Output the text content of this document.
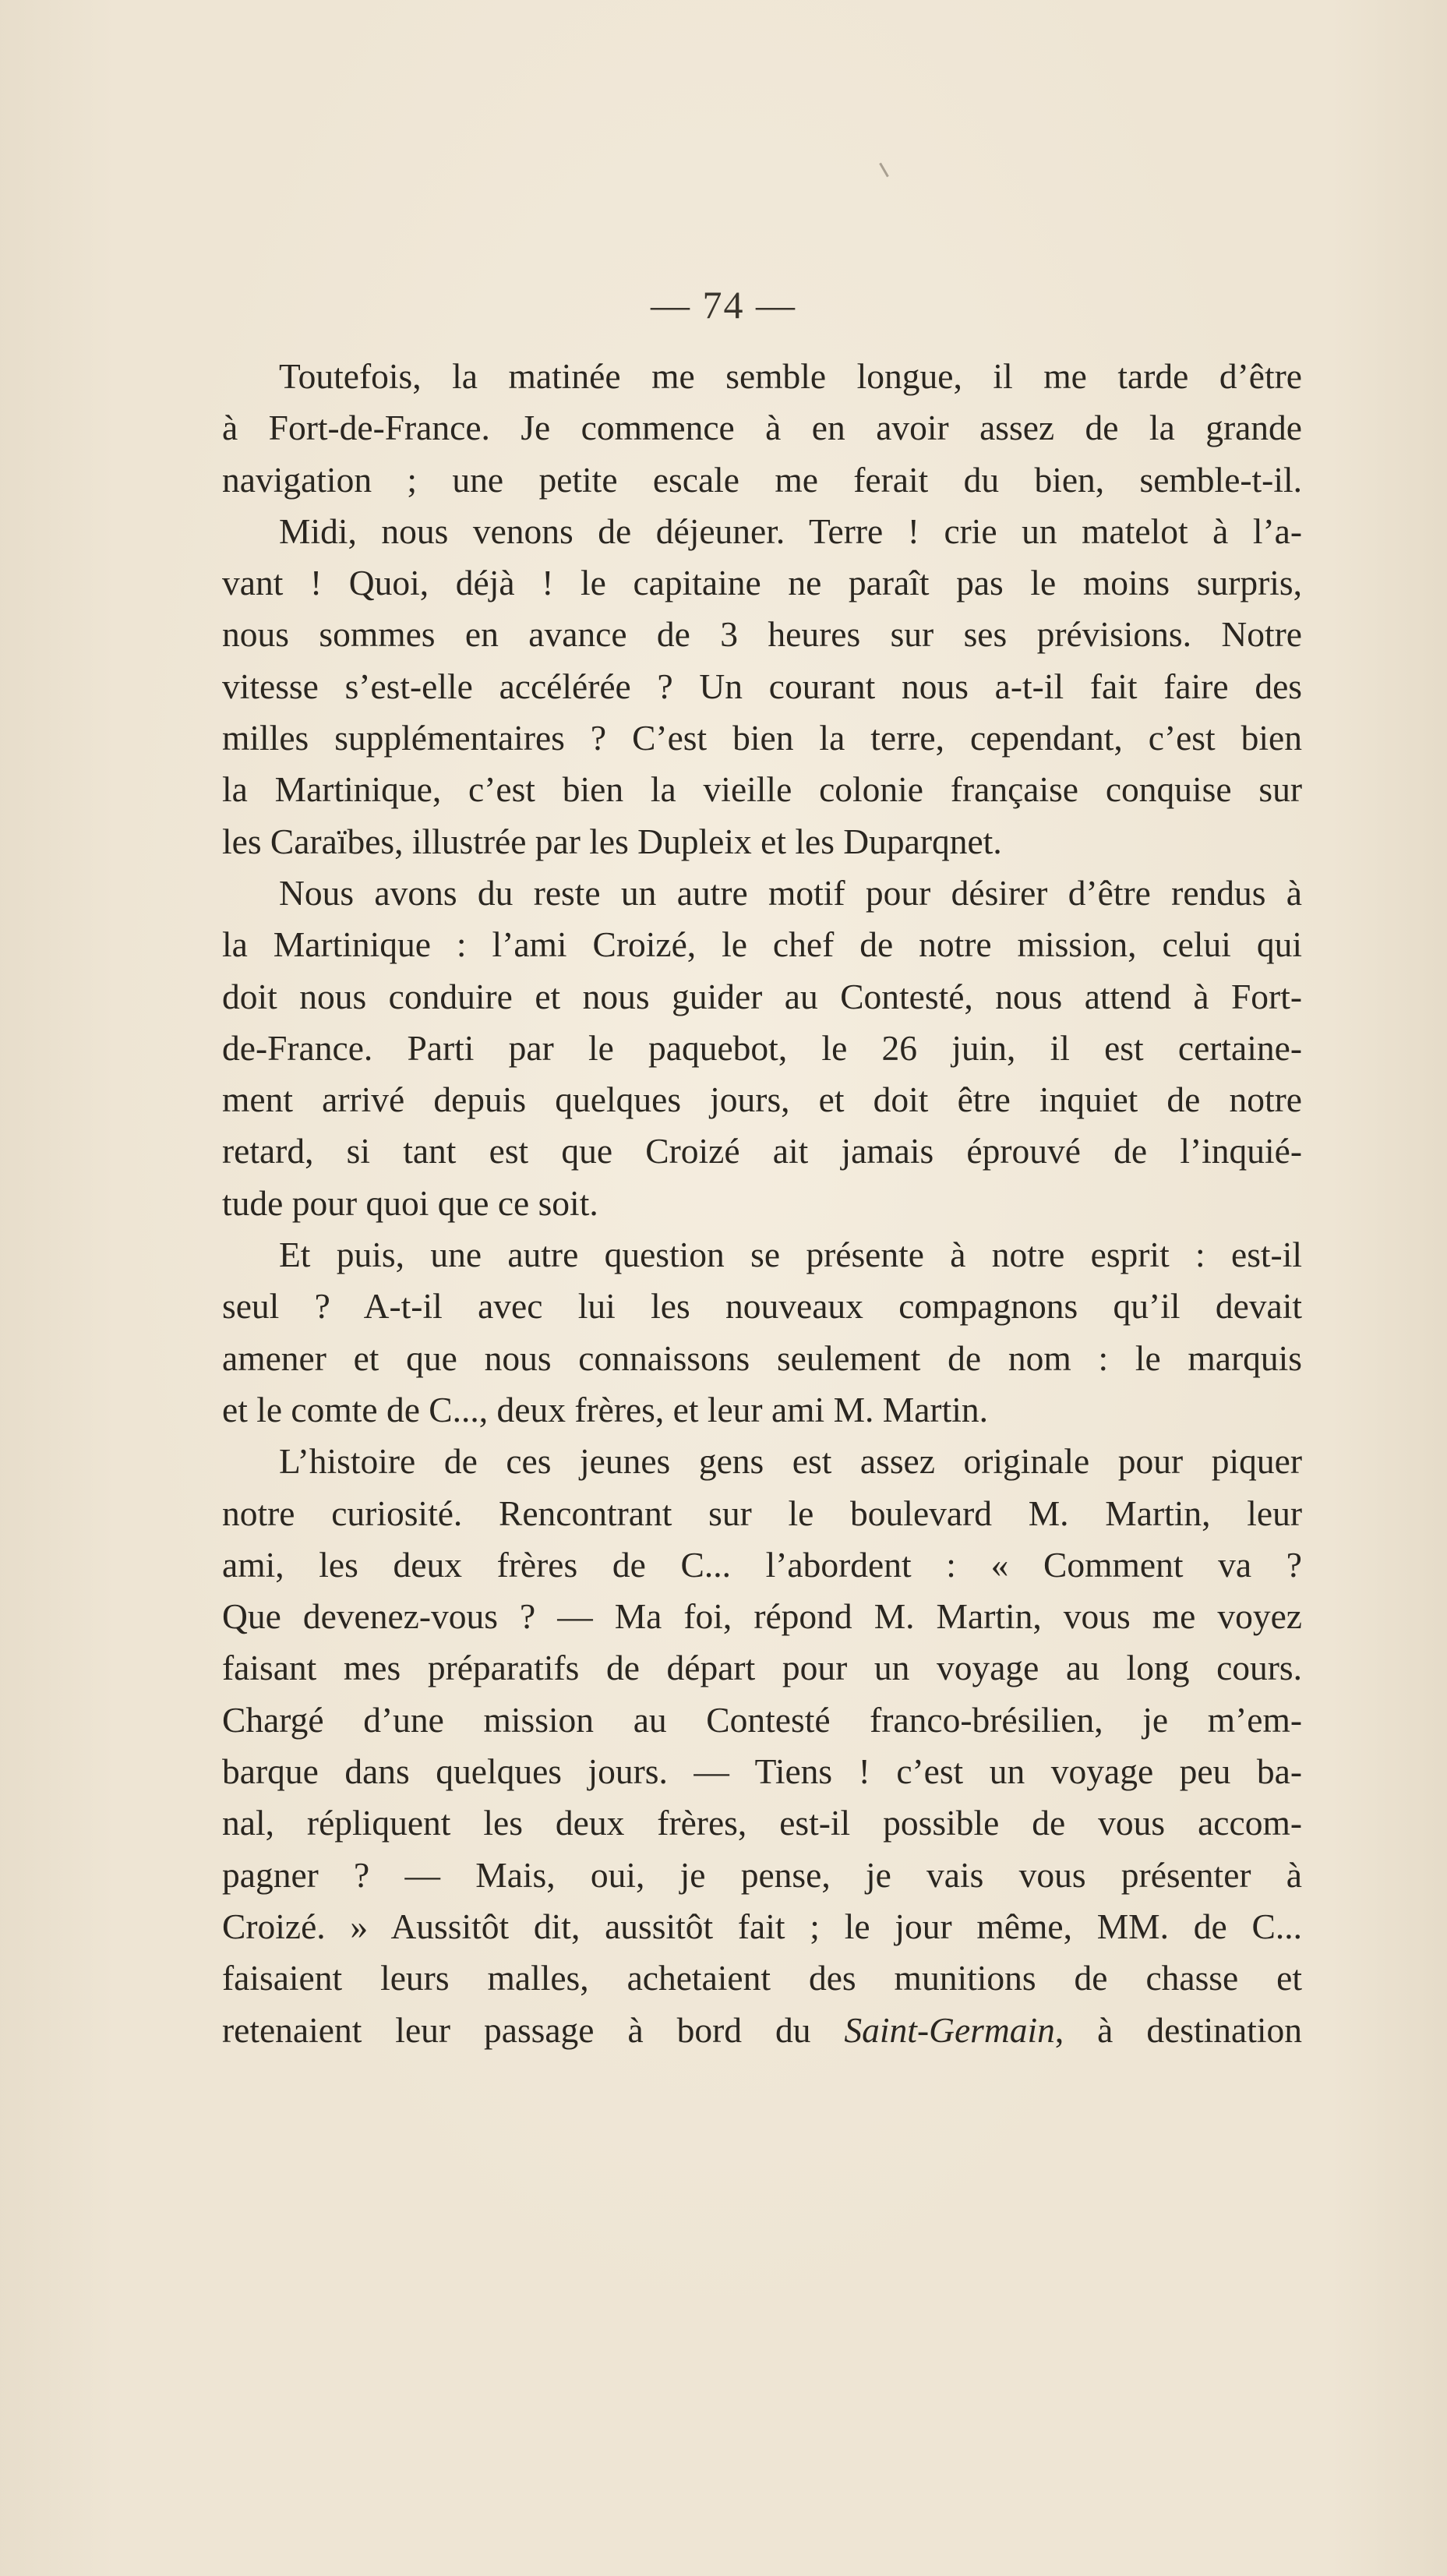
— 74 —
Toutefois, la matinée me semble longue, il me tarde d’être
à Fort-de-France. Je commence à en avoir assez de la grande
navigation ; une petite escale me ferait du bien, semble-t-il.
Midi, nous venons de déjeuner. Terre ! crie un matelot à l’a-
vant ! Quoi, déjà ! le capitaine ne paraît pas le moins surpris,
nous sommes en avance de 3 heures sur ses prévisions. Notre
vitesse s’est-elle accélérée ? Un courant nous a-t-il fait faire des
milles supplémentaires ? C’est bien la terre, cependant, c’est bien
la Martinique, c’est bien la vieille colonie française conquise sur
les Caraïbes, illustrée par les Dupleix et les Duparqnet.
Nous avons du reste un autre motif pour désirer d’être rendus à
la Martinique : l’ami Croizé, le chef de notre mission, celui qui
doit nous conduire et nous guider au Contesté, nous attend à Fort-
de-France. Parti par le paquebot, le 26 juin, il est certaine-
ment arrivé depuis quelques jours, et doit être inquiet de notre
retard, si tant est que Croizé ait jamais éprouvé de l’inquié-
tude pour quoi que ce soit.
Et puis, une autre question se présente à notre esprit : est-il
seul ? A-t-il avec lui les nouveaux compagnons qu’il devait
amener et que nous connaissons seulement de nom : le marquis
et le comte de C..., deux frères, et leur ami M. Martin.
L’histoire de ces jeunes gens est assez originale pour piquer
notre curiosité. Rencontrant sur le boulevard M. Martin, leur
ami, les deux frères de C... l’abordent : « Comment va ?
Que devenez-vous ? — Ma foi, répond M. Martin, vous me voyez
faisant mes préparatifs de départ pour un voyage au long cours.
Chargé d’une mission au Contesté franco-brésilien, je m’em-
barque dans quelques jours. — Tiens ! c’est un voyage peu ba-
nal, répliquent les deux frères, est-il possible de vous accom-
pagner ? — Mais, oui, je pense, je vais vous présenter à
Croizé. » Aussitôt dit, aussitôt fait ; le jour même, MM. de C...
faisaient leurs malles, achetaient des munitions de chasse et
retenaient leur passage à bord du Saint-Germain, à destination
